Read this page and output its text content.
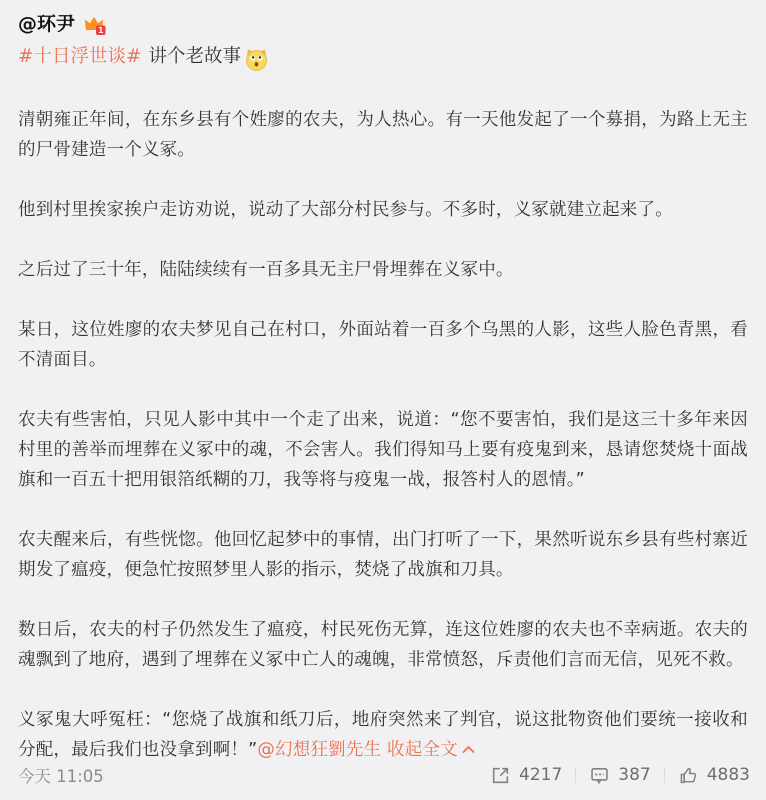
@环尹	1
#十日浮世谈# 讲个老故事

清朝雍正年间，在东乡县有个姓廖的农夫，为人热心。有一天他发起了一个募捐，为路上无主的尸骨建造一个义冢。

他到村里挨家挨户走访劝说，说动了大部分村民参与。不多时，义冢就建立起来了。

之后过了三十年，陆陆续续有一百多具无主尸骨埋葬在义冢中。

某日，这位姓廖的农夫梦见自己在村口，外面站着一百多个乌黑的人影，这些人脸色青黑，看不清面目。

农夫有些害怕，只见人影中其中一个走了出来，说道：“您不要害怕，我们是这三十多年来因村里的善举而埋葬在义冢中的魂，不会害人。我们得知马上要有疫鬼到来，恳请您焚烧十面战旗和一百五十把用银箔纸糊的刀，我等将与疫鬼一战，报答村人的恩情。”

农夫醒来后，有些恍惚。他回忆起梦中的事情，出门打听了一下，果然听说东乡县有些村寨近期发了瘟疫，便急忙按照梦里人影的指示，焚烧了战旗和刀具。

数日后，农夫的村子仍然发生了瘟疫，村民死伤无算，连这位姓廖的农夫也不幸病逝。农夫的魂飘到了地府，遇到了埋葬在义冢中亡人的魂魄，非常愤怒，斥责他们言而无信，见死不救。

义冢鬼大呼冤枉：“您烧了战旗和纸刀后，地府突然来了判官，说这批物资他们要统一接收和分配，最后我们也没拿到啊！”@幻想狂劉先生 收起全文

今天 11:05	4217	387	4883
